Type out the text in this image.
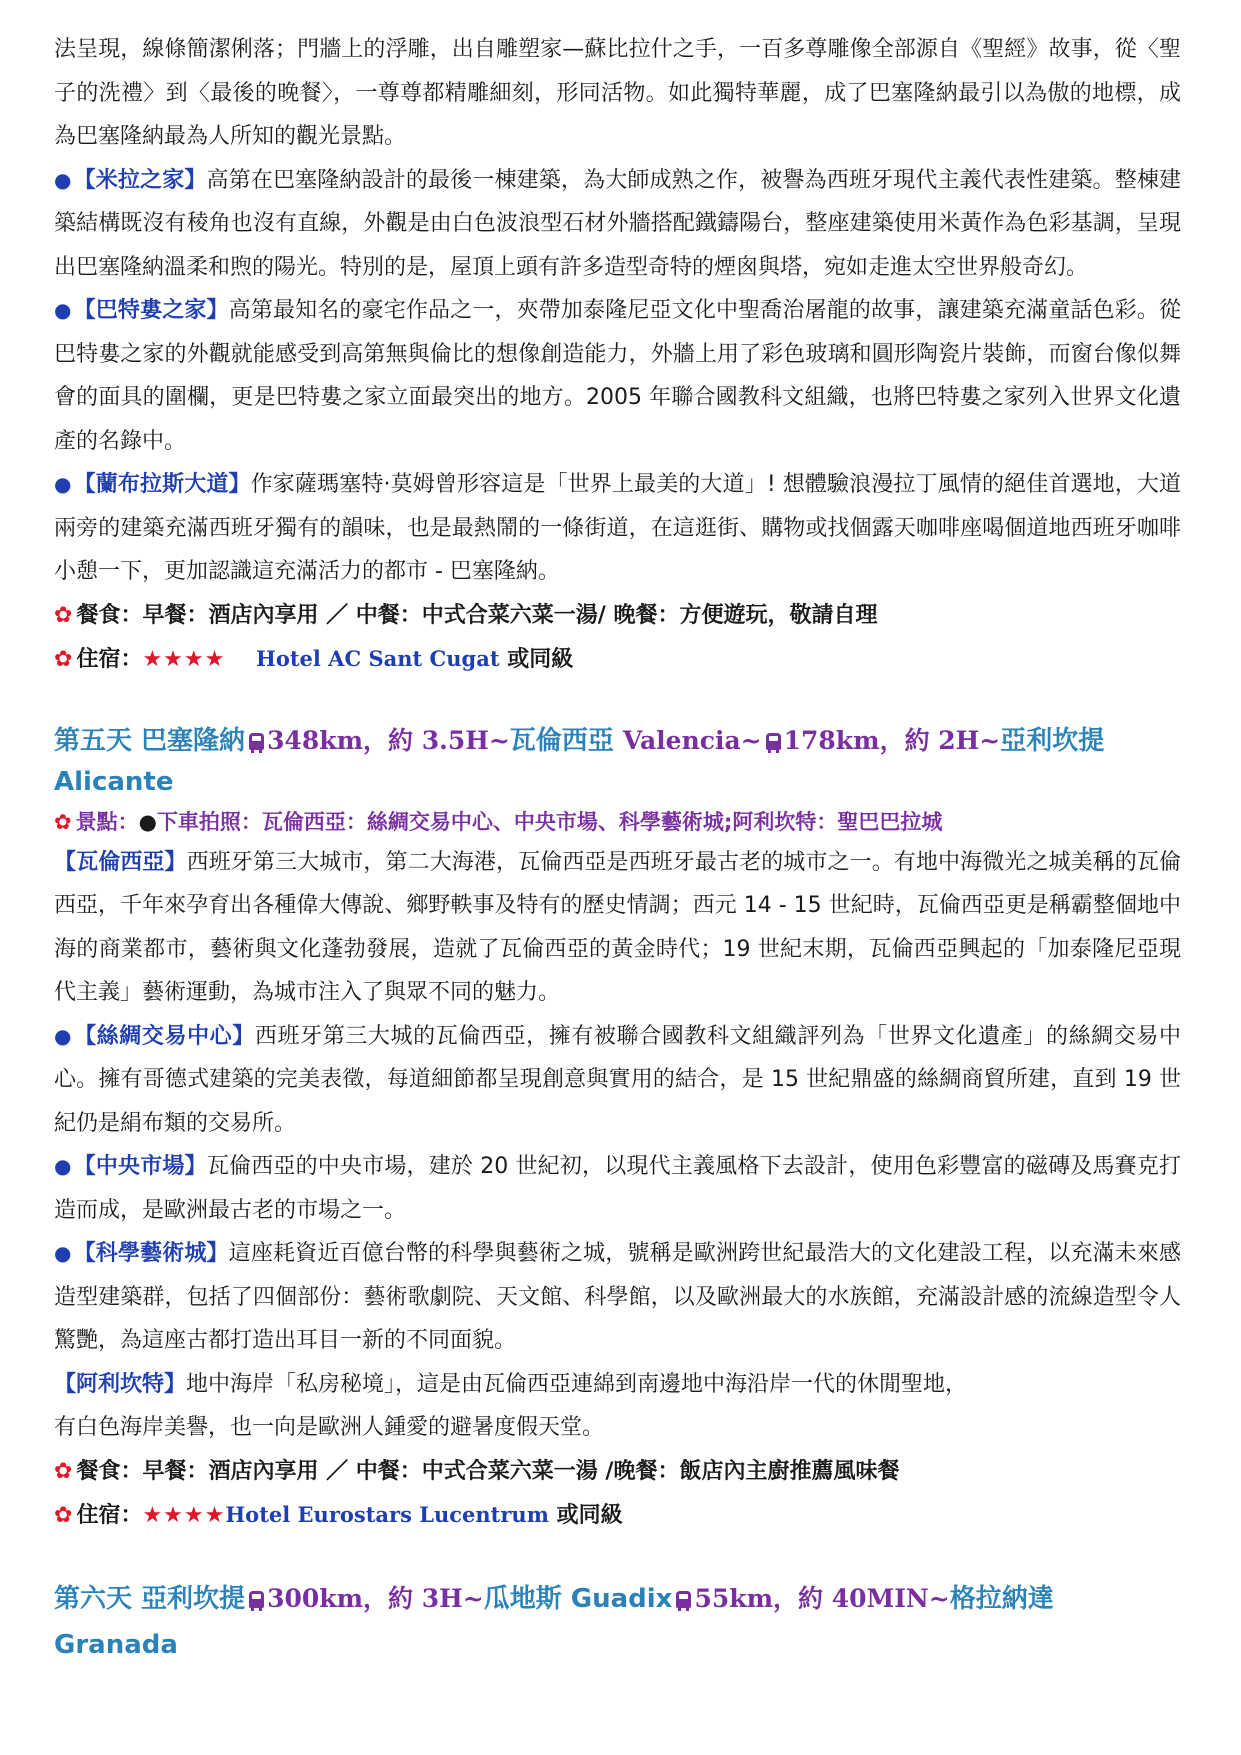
法呈現，線條簡潔俐落；門牆上的浮雕，出自雕塑家—蘇比拉什之手，一百多尊雕像全部源自《聖經》故事，從〈聖子的洗禮〉到〈最後的晚餐〉，一尊尊都精雕細刻，形同活物。如此獨特華麗，成了巴塞隆納最引以為傲的地標，成為巴塞隆納最為人所知的觀光景點。

●【米拉之家】高第在巴塞隆納設計的最後一棟建築，為大師成熟之作，被譽為西班牙現代主義代表性建築。整棟建築結構既沒有稜角也沒有直線，外觀是由白色波浪型石材外牆搭配鐵鑄陽台，整座建築使用米黃作為色彩基調，呈現出巴塞隆納溫柔和煦的陽光。特別的是，屋頂上頭有許多造型奇特的煙囪與塔，宛如走進太空世界般奇幻。

●【巴特婁之家】高第最知名的豪宅作品之一，夾帶加泰隆尼亞文化中聖喬治屠龍的故事，讓建築充滿童話色彩。從巴特婁之家的外觀就能感受到高第無與倫比的想像創造能力，外牆上用了彩色玻璃和圓形陶瓷片裝飾，而窗台像似舞會的面具的圍欄，更是巴特婁之家立面最突出的地方。2005 年聯合國教科文組織，也將巴特婁之家列入世界文化遺產的名錄中。

●【蘭布拉斯大道】作家薩瑪塞特·莫姆曾形容這是「世界上最美的大道」! 想體驗浪漫拉丁風情的絕佳首選地，大道兩旁的建築充滿西班牙獨有的韻味，也是最熱鬧的一條街道，在這逛街、購物或找個露天咖啡座喝個道地西班牙咖啡小憩一下，更加認識這充滿活力的都市 - 巴塞隆納。

✿ 餐食：早餐：酒店內享用 ／ 中餐：中式合菜六菜一湯/ 晚餐：方便遊玩，敬請自理

✿ 住宿：★★★★ Hotel AC Sant Cugat 或同級

第五天 巴塞隆納 348km，約 3.5H~瓦倫西亞 Valencia~ 178km，約 2H~亞利坎提
Alicante

✿ 景點：●下車拍照：瓦倫西亞：絲綢交易中心、中央市場、科學藝術城;阿利坎特：聖巴巴拉城

【瓦倫西亞】西班牙第三大城市，第二大海港，瓦倫西亞是西班牙最古老的城市之一。有地中海微光之城美稱的瓦倫西亞，千年來孕育出各種偉大傳說、鄉野軼事及特有的歷史情調；西元 14 - 15 世紀時，瓦倫西亞更是稱霸整個地中海的商業都市，藝術與文化蓬勃發展，造就了瓦倫西亞的黃金時代；19 世紀末期，瓦倫西亞興起的「加泰隆尼亞現代主義」藝術運動，為城市注入了與眾不同的魅力。

●【絲綢交易中心】西班牙第三大城的瓦倫西亞，擁有被聯合國教科文組織評列為「世界文化遺產」的絲綢交易中心。擁有哥德式建築的完美表徵，每道細節都呈現創意與實用的結合，是 15 世紀鼎盛的絲綢商貿所建，直到 19 世紀仍是絹布類的交易所。

●【中央市場】瓦倫西亞的中央市場，建於 20 世紀初，以現代主義風格下去設計，使用色彩豐富的磁磚及馬賽克打造而成，是歐洲最古老的市場之一。

●【科學藝術城】這座耗資近百億台幣的科學與藝術之城，號稱是歐洲跨世紀最浩大的文化建設工程，以充滿未來感造型建築群，包括了四個部份：藝術歌劇院、天文館、科學館，以及歐洲最大的水族館，充滿設計感的流線造型令人驚艷，為這座古都打造出耳目一新的不同面貌。

【阿利坎特】地中海岸「私房秘境」，這是由瓦倫西亞連綿到南邊地中海沿岸一代的休閒聖地，
有白色海岸美譽，也一向是歐洲人鍾愛的避暑度假天堂。

✿ 餐食：早餐：酒店內享用 ／ 中餐：中式合菜六菜一湯 /晚餐：飯店內主廚推薦風味餐

✿ 住宿：★★★★Hotel Eurostars Lucentrum 或同級

第六天 亞利坎提 300km，約 3H~瓜地斯 Guadix 55km，約 40MIN~格拉納達
Granada
